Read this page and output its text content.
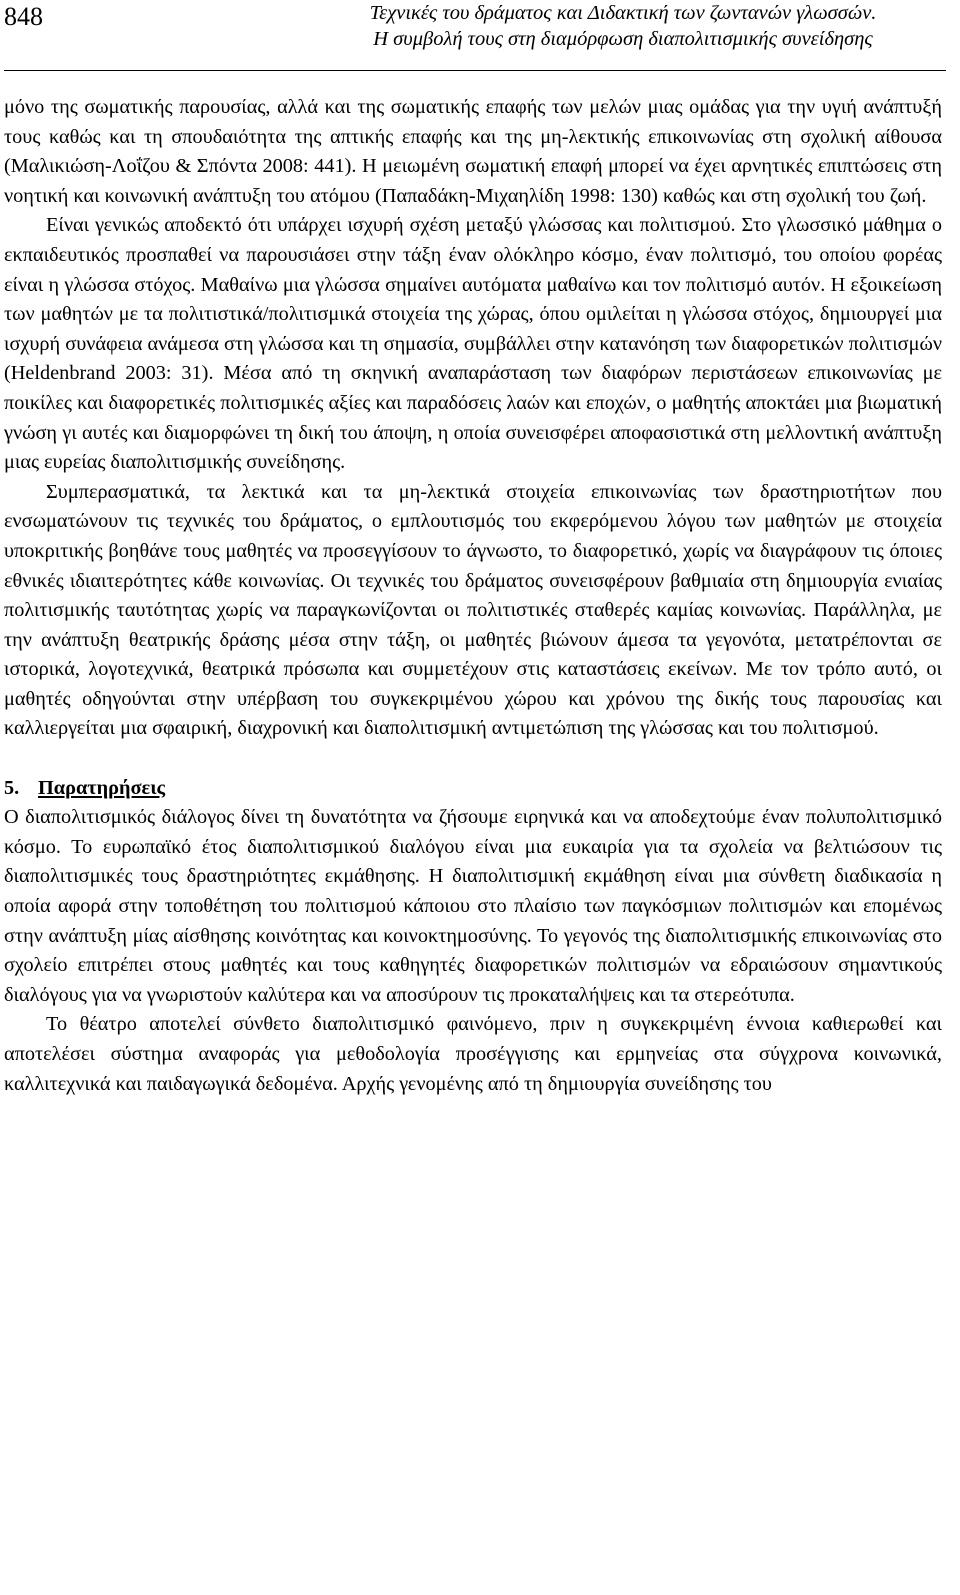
848	Τεχνικές του δράματος και Διδακτική των ζωντανών γλωσσών.
Η συμβολή τους στη διαμόρφωση διαπολιτισμικής συνείδησης

μόνο της σωματικής παρουσίας, αλλά και της σωματικής επαφής των μελών μιας ομάδας για την υγιή ανάπτυξή τους καθώς και τη σπουδαιότητα της απτικής επαφής και της μη-λεκτικής επικοινωνίας στη σχολική αίθουσα (Μαλικιώση-Λοΐζου & Σπόντα 2008: 441). Η μειωμένη σωματική επαφή μπορεί να έχει αρνητικές επιπτώσεις στη νοητική και κοινωνική ανάπτυξη του ατόμου (Παπαδάκη-Μιχαηλίδη 1998: 130) καθώς και στη σχολική του ζωή.

Είναι γενικώς αποδεκτό ότι υπάρχει ισχυρή σχέση μεταξύ γλώσσας και πολιτισμού. Στο γλωσσικό μάθημα ο εκπαιδευτικός προσπαθεί να παρουσιάσει στην τάξη έναν ολόκληρο κόσμο, έναν πολιτισμό, του οποίου φορέας είναι η γλώσσα στόχος. Μαθαίνω μια γλώσσα σημαίνει αυτόματα μαθαίνω και τον πολιτισμό αυτόν. Η εξοικείωση των μαθητών με τα πολιτιστικά/πολιτισμικά στοιχεία της χώρας, όπου ομιλείται η γλώσσα στόχος, δημιουργεί μια ισχυρή συνάφεια ανάμεσα στη γλώσσα και τη σημασία, συμβάλλει στην κατανόηση των διαφορετικών πολιτισμών (Heldenbrand 2003: 31). Μέσα από τη σκηνική αναπαράσταση των διαφόρων περιστάσεων επικοινωνίας με ποικίλες και διαφορετικές πολιτισμικές αξίες και παραδόσεις λαών και εποχών, ο μαθητής αποκτάει μια βιωματική γνώση γι αυτές και διαμορφώνει τη δική του άποψη, η οποία συνεισφέρει αποφασιστικά στη μελλοντική ανάπτυξη μιας ευρείας διαπολιτισμικής συνείδησης.

Συμπερασματικά, τα λεκτικά και τα μη-λεκτικά στοιχεία επικοινωνίας των δραστηριοτήτων που ενσωματώνουν τις τεχνικές του δράματος, ο εμπλουτισμός του εκφερόμενου λόγου των μαθητών με στοιχεία υποκριτικής βοηθάνε τους μαθητές να προσεγγίσουν το άγνωστο, το διαφορετικό, χωρίς να διαγράφουν τις όποιες εθνικές ιδιαιτερότητες κάθε κοινωνίας. Οι τεχνικές του δράματος συνεισφέρουν βαθμιαία στη δημιουργία ενιαίας πολιτισμικής ταυτότητας χωρίς να παραγκωνίζονται οι πολιτιστικές σταθερές καμίας κοινωνίας. Παράλληλα, με την ανάπτυξη θεατρικής δράσης μέσα στην τάξη, οι μαθητές βιώνουν άμεσα τα γεγονότα, μετατρέπονται σε ιστορικά, λογοτεχνικά, θεατρικά πρόσωπα και συμμετέχουν στις καταστάσεις εκείνων. Με τον τρόπο αυτό, οι μαθητές οδηγούνται στην υπέρβαση του συγκεκριμένου χώρου και χρόνου της δικής τους παρουσίας και καλλιεργείται μια σφαιρική, διαχρονική και διαπολιτισμική αντιμετώπιση της γλώσσας και του πολιτισμού.

5. Παρατηρήσεις

Ο διαπολιτισμικός διάλογος δίνει τη δυνατότητα να ζήσουμε ειρηνικά και να αποδεχτούμε έναν πολυπολιτισμικό κόσμο. Το ευρωπαϊκό έτος διαπολιτισμικού διαλόγου είναι μια ευκαιρία για τα σχολεία να βελτιώσουν τις διαπολιτισμικές τους δραστηριότητες εκμάθησης. Η διαπολιτισμική εκμάθηση είναι μια σύνθετη διαδικασία η οποία αφορά στην τοποθέτηση του πολιτισμού κάποιου στο πλαίσιο των παγκόσμιων πολιτισμών και επομένως στην ανάπτυξη μίας αίσθησης κοινότητας και κοινοκτημοσύνης. Το γεγονός της διαπολιτισμικής επικοινωνίας στο σχολείο επιτρέπει στους μαθητές και τους καθηγητές διαφορετικών πολιτισμών να εδραιώσουν σημαντικούς διαλόγους για να γνωριστούν καλύτερα και να αποσύρουν τις προκαταλήψεις και τα στερεότυπα.

Το θέατρο αποτελεί σύνθετο διαπολιτισμικό φαινόμενο, πριν η συγκεκριμένη έννοια καθιερωθεί και αποτελέσει σύστημα αναφοράς για μεθοδολογία προσέγγισης και ερμηνείας στα σύγχρονα κοινωνικά, καλλιτεχνικά και παιδαγωγικά δεδομένα. Αρχής γενομένης από τη δημιουργία συνείδησης του
